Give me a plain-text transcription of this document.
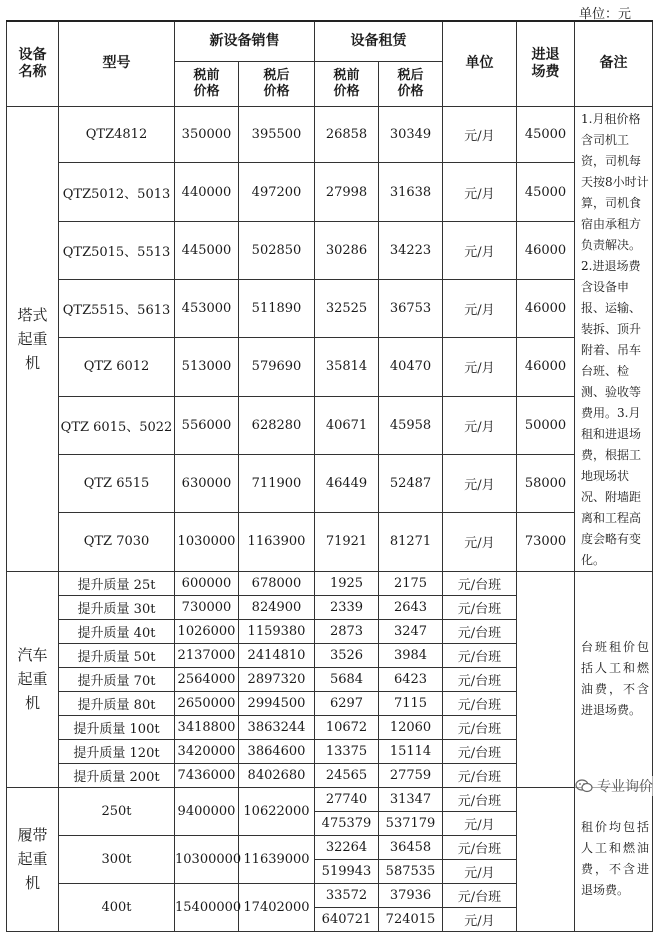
单位：元
设备名称	型号	新设备销售		设备租赁		单位	进退场费	备注
		税前价格	税后价格	税前价格	税后价格			
塔式起重机	QTZ4812	350000	395500	26858	30349	元/月	45000	1.月租价格含司机工资，司机每天按8小时计算，司机食宿由承租方负责解决。2.进退场费含设备申报、运输、装拆、顶升附着、吊车台班、检测、验收等费用。3.月租和进退场费，根据工地现场状况、附墙距离和工程高度会略有变化。
	QTZ5012、5013	440000	497200	27998	31638	元/月	45000	
	QTZ5015、5513	445000	502850	30286	34223	元/月	46000	
	QTZ5515、5613	453000	511890	32525	36753	元/月	46000	
	QTZ 6012	513000	579690	35814	40470	元/月	46000	
	QTZ 6015、5022	556000	628280	40671	45958	元/月	50000	
	QTZ 6515	630000	711900	46449	52487	元/月	58000	
	QTZ 7030	1030000	1163900	71921	81271	元/月	73000	
汽车起重机	提升质量 25t	600000	678000	1925	2175	元/台班		台班租价包括人工和燃油费，不含进退场费。
	提升质量 30t	730000	824900	2339	2643	元/台班		
	提升质量 40t	1026000	1159380	2873	3247	元/台班		
	提升质量 50t	2137000	2414810	3526	3984	元/台班		
	提升质量 70t	2564000	2897320	5684	6423	元/台班		
	提升质量 80t	2650000	2994500	6297	7115	元/台班		
	提升质量 100t	3418800	3863244	10672	12060	元/台班		
	提升质量 120t	3420000	3864600	13375	15114	元/台班		
	提升质量 200t	7436000	8402680	24565	27759	元/台班		
履带起重机	250t	9400000	10622000	27740	31347	元/台班		租价均包括人工和燃油费，不含进退场费。
				475379	537179	元/月		
	300t	10300000	11639000	32264	36458	元/台班		
				519943	587535	元/月		
	400t	15400000	17402000	33572	37936	元/台班		
				640721	724015	元/月		
专业询价
